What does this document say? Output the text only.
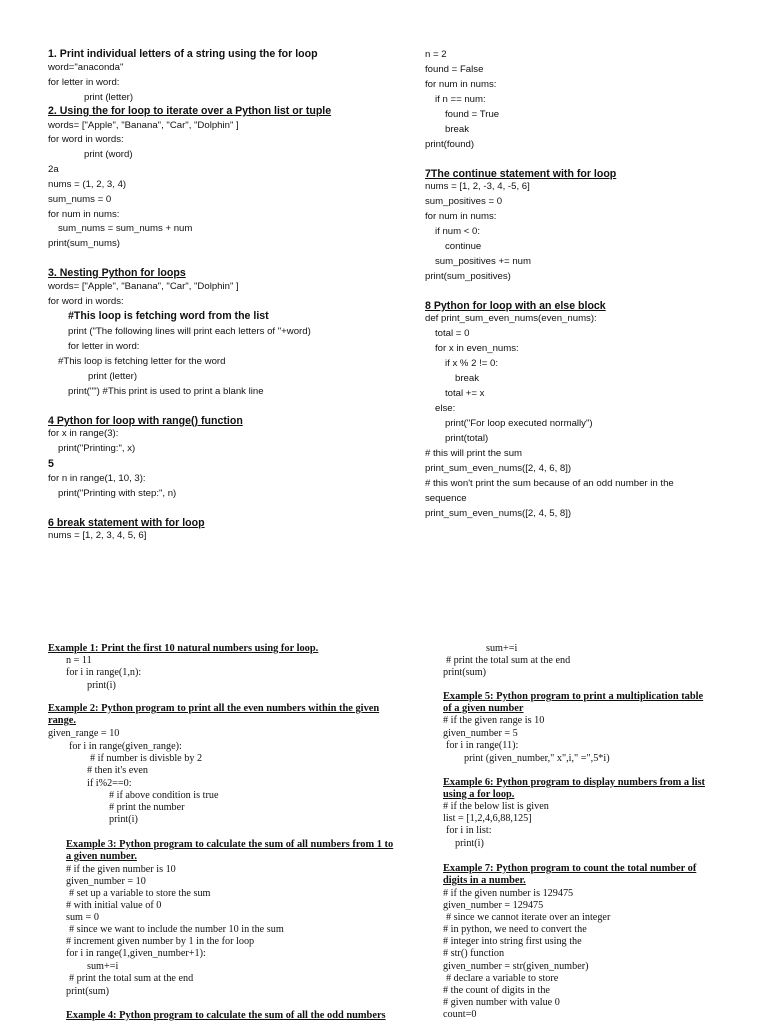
1. Print individual letters of a string using the for loop
word="anaconda"
for letter in word:
print (letter)
2. Using the for loop to iterate over a Python list or tuple
words= ["Apple", "Banana", "Car", "Dolphin" ]
for word in words:
print (word)
2a
nums = (1, 2, 3, 4)
sum_nums = 0
for num in nums:
sum_nums = sum_nums + num
print(sum_nums)
3. Nesting Python for loops
words= ["Apple", "Banana", "Car", "Dolphin" ]
for word in words:
#This loop is fetching word from the list
print ("The following lines will print each letters of "+word)
for letter in word:
#This loop is fetching letter for the word
print (letter)
print("") #This print is used to print a blank line
4 Python for loop with range() function
for x in range(3):
print("Printing:", x)
5
for n in range(1, 10, 3):
print("Printing with step:", n)
6 break statement with for loop
nums = [1, 2, 3, 4, 5, 6]
n = 2
found = False
for num in nums:
if n == num:
found = True
break
print(found)
7The continue statement with for loop
nums = [1, 2, -3, 4, -5, 6]
sum_positives = 0
for num in nums:
if num < 0:
continue
sum_positives += num
print(sum_positives)
8 Python for loop with an else block
def print_sum_even_nums(even_nums):
total = 0
for x in even_nums:
if x % 2 != 0:
break
total += x
else:
print("For loop executed normally")
print(total)
# this will print the sum
print_sum_even_nums([2, 4, 6, 8])
# this won't print the sum because of an odd number in the
sequence
print_sum_even_nums([2, 4, 5, 8])
Example 1: Print the first 10 natural numbers using for loop.
n = 11
for i in range(1,n):
print(i)
Example 2: Python program to print all the even numbers within the given
range.
given_range = 10
for i in range(given_range):
# if number is divisble by 2
# then it's even
if i%2==0:
# if above condition is true
# print the number
print(i)
Example 3: Python program to calculate the sum of all numbers from 1 to
a given number.
# if the given number is 10
given_number = 10
# set up a variable to store the sum
# with initial value of 0
sum = 0
# since we want to include the number 10 in the sum
# increment given number by 1 in the for loop
for i in range(1,given_number+1):
sum+=i
# print the total sum at the end
print(sum)
Example 4: Python program to calculate the sum of all the odd numbers
sum+=i
# print the total sum at the end
print(sum)
Example 5: Python program to print a multiplication table
of a given number
# if the given range is 10
given_number = 5
for i in range(11):
print (given_number," x",i," =",5*i)
Example 6: Python program to display numbers from a list
using a for loop.
# if the below list is given
list = [1,2,4,6,88,125]
for i in list:
print(i)
Example 7: Python program to count the total number of
digits in a number.
# if the given number is 129475
given_number = 129475
# since we cannot iterate over an integer
# in python, we need to convert the
# integer into string first using the
# str() function
given_number = str(given_number)
# declare a variable to store
# the count of digits in the
# given number with value 0
count=0
